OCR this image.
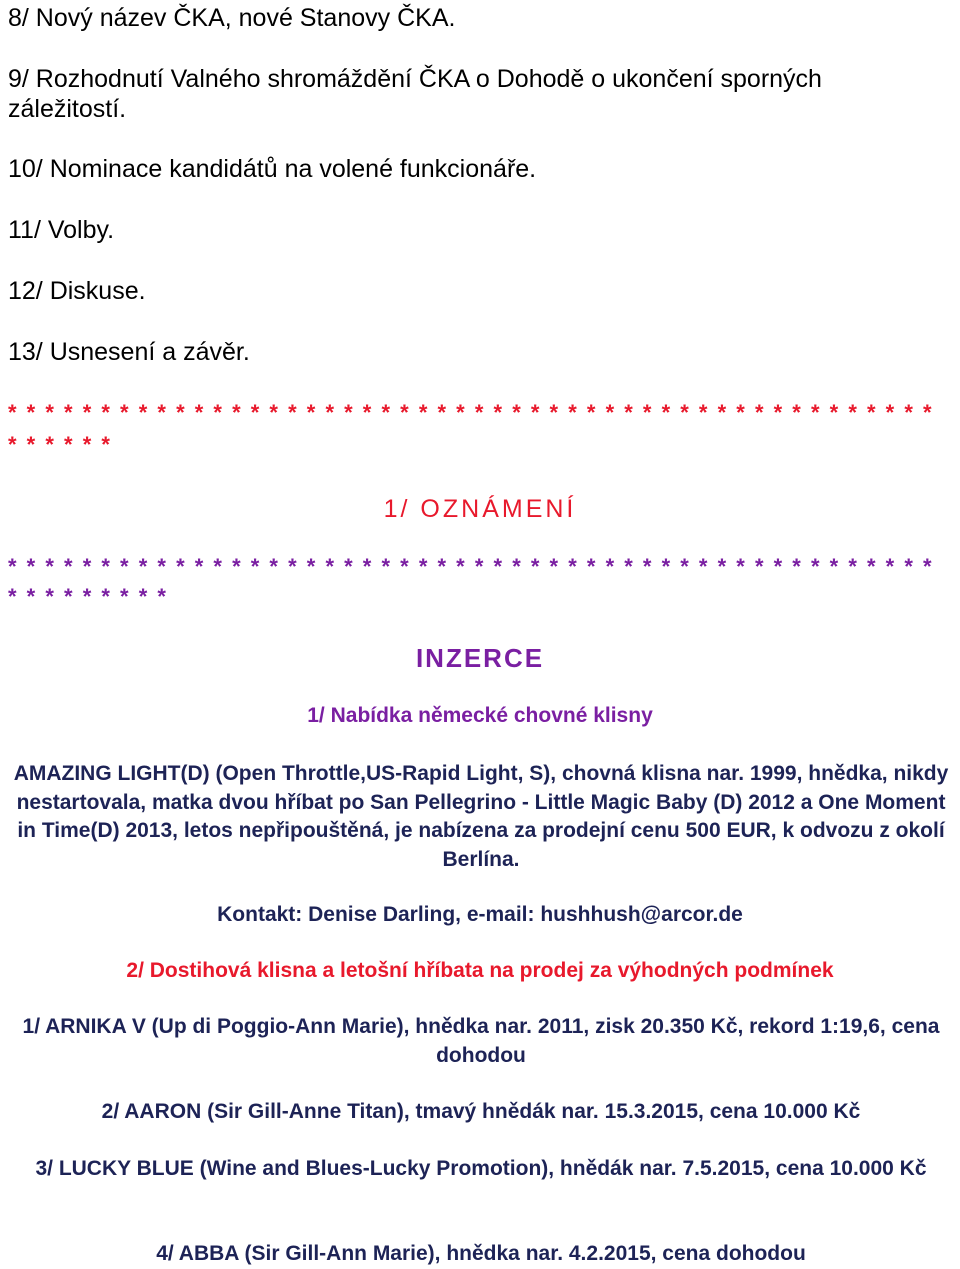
8/ Nový název ČKA, nové Stanovy ČKA.

9/ Rozhodnutí Valného shromáždění ČKA o Dohodě o ukončení sporných

záležitostí.

10/ Nominace kandidátů na volené funkcionáře.

11/ Volby.

12/ Diskuse.

13/ Usnesení a závěr.

* * * * * * * * * * * * * * * * * * * * * * * * * * * * * * * * * * * * * * * * * * * * * * * * * *

* * * * * *

1/ OZNÁMENÍ

* * * * * * * * * * * * * * * * * * * * * * * * * * * * * * * * * * * * * * * * * * * * * * * * * *

* * * * * * * * *

INZERCE
1/ Nabídka německé chovné klisny

AMAZING LIGHT(D) (Open Throttle,US-Rapid Light, S), chovná klisna nar. 1999, hnědka, nikdy nestartovala, matka dvou hříbat po San Pellegrino - Little Magic Baby (D) 2012 a One Moment in Time(D) 2013, letos nepřipouštěná, je nabízena za prodejní cenu 500 EUR, k odvozu z okolí Berlína.

Kontakt: Denise Darling, e-mail: hushhush@arcor.de

2/ Dostihová klisna a letošní hříbata na prodej za výhodných podmínek

1/ ARNIKA V (Up di Poggio-Ann Marie), hnědka nar. 2011, zisk 20.350 Kč, rekord 1:19,6, cena dohodou

2/ AARON (Sir Gill-Anne Titan), tmavý hnědák nar. 15.3.2015, cena 10.000 Kč

3/ LUCKY BLUE (Wine and Blues-Lucky Promotion), hnědák nar. 7.5.2015, cena 10.000 Kč

4/ ABBA (Sir Gill-Ann Marie), hnědka nar. 4.2.2015, cena dohodou
